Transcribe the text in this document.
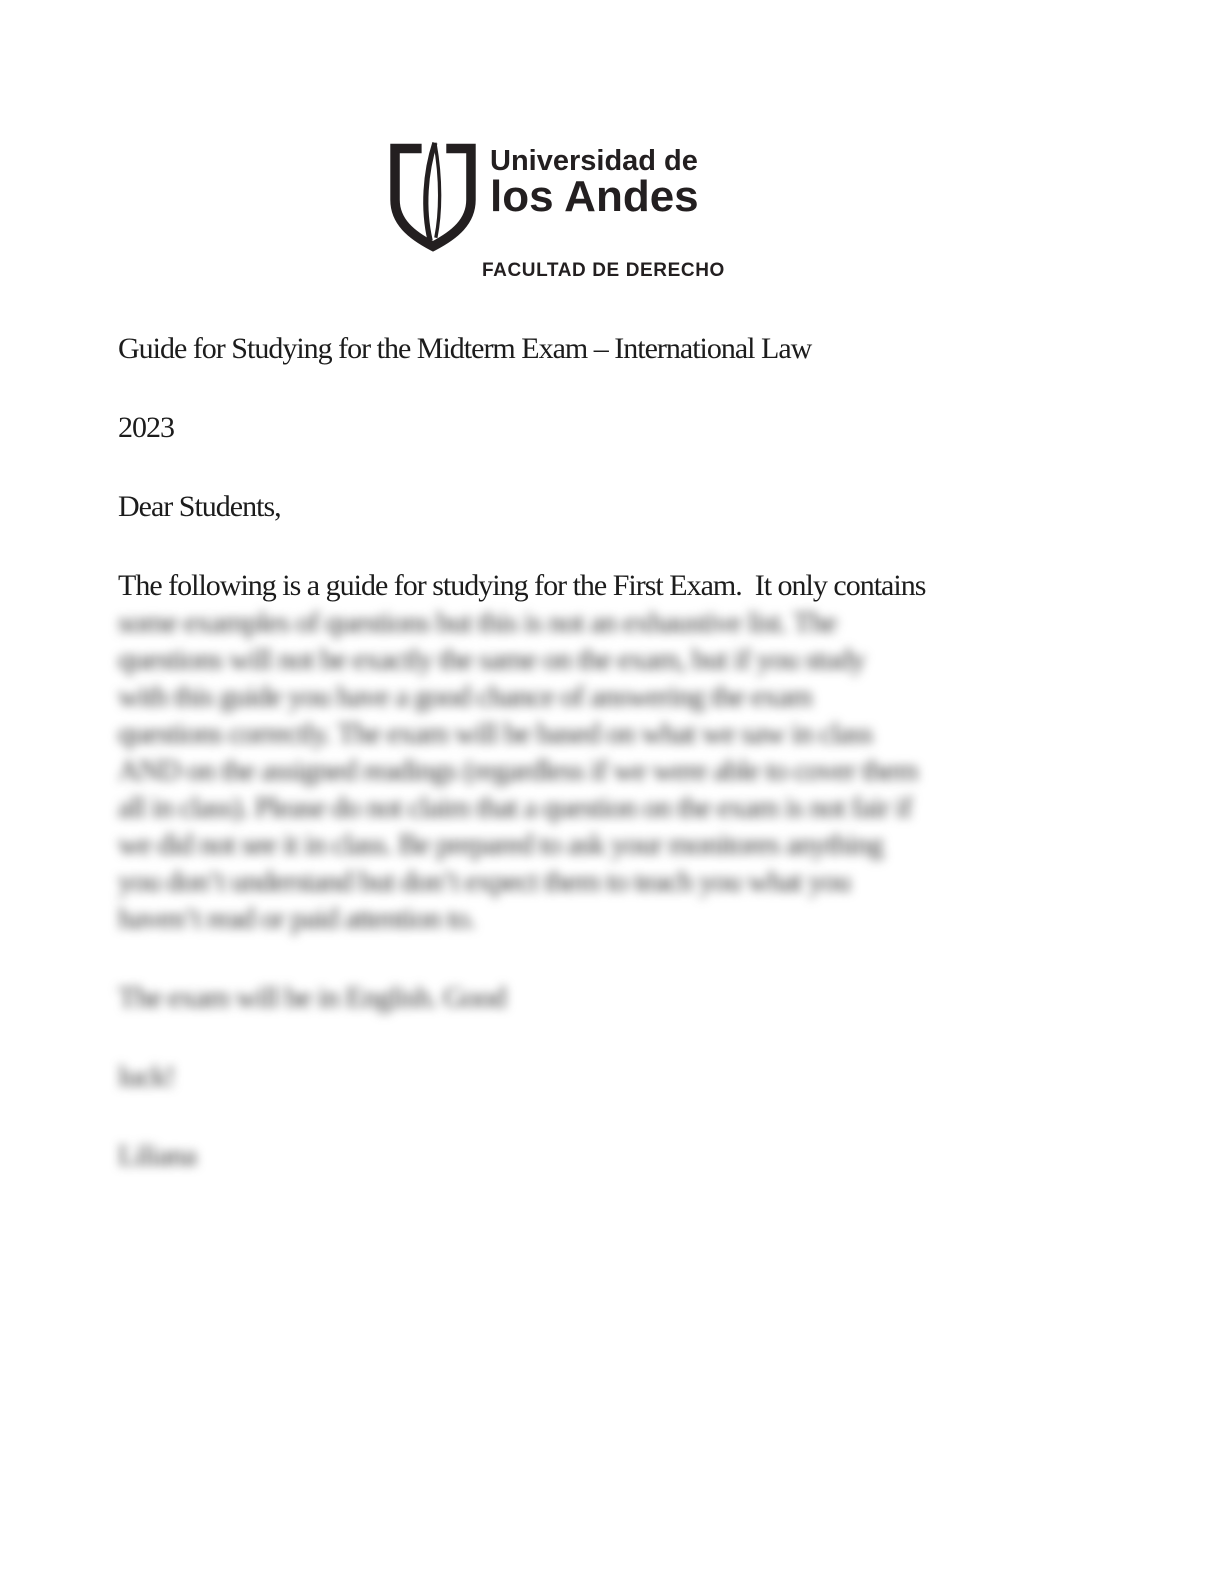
Universidad de
los Andes
FACULTAD DE DERECHO
Guide for Studying for the Midterm Exam – International Law
2023
Dear Students,
The following is a guide for studying for the First Exam.  It only contains
some examples of questions but this is not an exhaustive list. The
questions will not be exactly the same on the exam, but if you study
with this guide you have a good chance of answering the exam
questions correctly. The exam will be based on what we saw in class
AND on the assigned readings (regardless if we were able to cover them
all in class). Please do not claim that a question on the exam is not fair if
we did not see it in class. Be prepared to ask your monitores anything
you don’t understand but don’t expect them to teach you what you
haven’t read or paid attention to.
The exam will be in English. Good
luck!
Liliana
